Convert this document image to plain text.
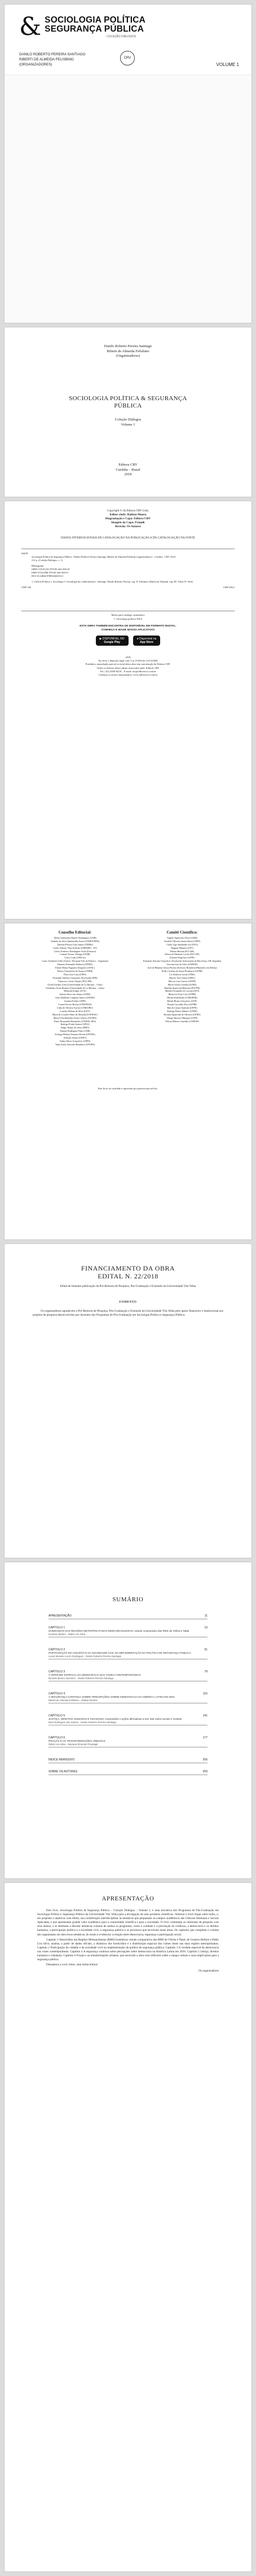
& SOCIOLOGIA POLÍTICA
SEGURANÇA PÚBLICA
COLEÇÃO DIÁLOGOS
DANILO ROBERTO PEREIRA SANTIAGO
RIBERTI DE ALMEIDA FELISBINO
(ORGANIZADORES)
CRV
VOLUME 1
Danilo Roberto Pereira Santiago
Riberti de Almeida Felisbino
(Organizadores)
SOCIOLOGIA POLÍTICA & SEGURANÇA PÚBLICA
Coleção Diálogos
Volume 1
Editora CRV
Curitiba – Brasil
2018
Copyright © da Editora CRV Ltda.
Editor-chefe: Railson Moura
Diagramação e Capa: Editora CRV
Imagem da Capa: Freepik
Revisão: Os Autores
DADOS INTERNACIONAIS DE CATALOGAÇÃO NA PUBLICAÇÃO (CIP) CATALOGAÇÃO NA FONTE
S6678
Sociologia Política & Segurança Pública / Danilo Roberto Pereira Santiago, Riberti de Almeida Felisbino (organizadores) – Curitiba : CRV, 2018.
212 p. (Coleção Diálogos, v. 1)
Bibliografia
ISBN COLEÇÃO 978-85-444-3032-8
ISBN VOLUME 978-85-444-3033-5
DOI 10.24824/978854443033.5
1. Ciência Política 2. Sociologia 3. Sociologia do conhecimento I. Santiago, Danilo Roberto Pereira. org. II. Felisbino, Riberti de Almeida. org. III. Título IV. Série.
CDD 320	CDD 306.2
Índice para catálogo sistemático
1. Sociologia política 306.2
ESTA OBRA TAMBÉM ENCONTRA-SE DISPONÍVEL EM FORMATO DIGITAL.
CONHEÇA E BAIXE NOSSO APLICATIVO!
▶ DISPONÍVEL NO
Google Play ● Disponível na
App Store
2018
Foi feito o depósito legal conf. Lei 10.994 de 14/12/2004
Proibida a reprodução parcial ou total desta obra sem autorização da Editora CRV
Todos os direitos desta edição reservados pela: Editora CRV
Tel.: (41) 3039-6418 – E-mail: sac@editoracrv.com.br
Conheça os nossos lançamentos: www.editoracrv.com.br
Conselho Editorial:
Aldira Guimarães Duarte Domínguez (UNB)
Andréia da Silva Quintanilha Sousa (UNIR/UFRN)
Antônio Pereira Gaio Júnior (UFRRJ)
Carlos Alberto Vilar Estêvão (UMINHO – PT)
Carlos Federico Dominguez Avila (Unieuro)
Carmen Tereza Velanga (UNIR)
Celso Conti (UFSCar)
Cesar Gerónimo Tello (Univer .Nacional Três de Febrero – Argentina)
Eduardo Fernandes Barbosa (UFMG)
Elione Maria Nogueira Diogenes (UFAL)
Elizeu Clementino de Souza (UNEB)
Élsio José Corá (UFFS)
Fernando Antônio Gonçalves Alcoforado (IPB)
Francisco Carlos Duarte (PUC-PR)
Gloria Fariñas León (Universidade de La Havana – Cuba)
Guillermo Arias Beatón (Universidade de La Havana – Cuba)
Helmuth Krüger (UCP)
Jailson Alves dos Santos (UFRJ)
João Adalberto Campato Junior (UNESP)
Josania Portela (UFPI)
Leonel Severo Rocha (UNISINOS)
Lídia de Oliveira Xavier (UNIEURO)
Lourdes Helena da Silva (UFV)
Maria de Lourdes Pinto de Almeida (UNOESC)
Maria Lília Imbiriba Sousa Colares (UFOPA)
Paulo Romualdo Hernandes (UNIFAL-MG)
Rodrigo Pratte-Santos (UFES)
Sérgio Nunes de Jesus (IFRO)
Simone Rodrigues Pinto (UNB)
Solange Helena Ximenes-Rocha (UFOPA)
Sydione Santos (UEPG)
Tadeu Oliver Gonçalves (UFPA)
Tania Suely Azevedo Brasileiro (UFOPA)
Comitê Científico:
Angelo Aparecido Priori (UEM)
Arnaldo Oliveira Souza Júnior (UFPI)
Carlos Ugo Santander Joo (UFG)
Dagmar Manieri (UFT)
Edison Bariani (FCLAR)
Elizeu de Miranda Corrêa (PUC/SP)
Fauston Negreiros (UFPI)
Fernando Antonio Gonçalves Alcoforado (Universitat de Barcelona, UB, Espanha)
Giovani José da Silva (UNIFAP)
José de Ribamar Sousa Pereira (Exército Brasileiro/Ministério da Defesa)
Kelly Cristina de Souza Prudencio (UFPR)
Liv Rebecca Sovik (UFRJ)
Marcio Jose Ornat (UEPG)
Marcio Luiz Carreri (UENP)
Maria Tereza Castilho (UFRJ)
Marilda Aparecida Behrens (PUCPR)
Marilia Fernandes de Lucena (UFS)
Maurício Feijó Cruz (UFPB)
Michel Kobelinski (UNESPAR)
Rafael Bruno Gonçalves (UFF)
Renata Carvalho Silva (UFPB)
Rita de Cássia Andrade (UFPE)
Rodrigo Bastos Ribeiro (UFPE)
Rosalia Aparecida de Oliveira (UFRN)
Thiago Barroso Marques (UFPI)
Wilson Ribeiro Cantidio (UNIFAP)
Este livro foi avaliado e aprovado por pareceristas ad hoc.
FINANCIAMENTO DA OBRA
EDITAL N. 22/2018
Edital de fomento publicação da Pró-Reitoria de Pesquisa, Pós-Graduação e Extensão da Universidade Vila Velha
FOMENTO
Os organizadores agradecem a Pró-Reitoria de Pesquisa, Pós-Graduação e Extensão da Universidade Vila Velha pelo apoio financeiro e institucional aos projetos de pesquisa desenvolvidos por docentes dos Programas de Pós-Graduação em Sociologia Política e Segurança Pública.
SUMÁRIO
APRESENTAÇÃO	11
CAPÍTULO 1	13
HOMICÍDIOS NAS REGIÕES METROPOLITANAS (RMS) BRASILEIRAS: estudo comparativo das RMS de Vitória e Natal
Gustavo Belloni · Pablo Lira Silva
CAPÍTULO 2	51
PARTICIPAÇÃO DO CIDADÃO E DA SOCIEDADE CIVIL NA IMPLEMENTAÇÃO DA POLÍTICA DE SEGURANÇA PÚBLICA
Lucas Moraes Lucón Rodrigues · Danilo Roberto Pereira Santiago
CAPÍTULO 3	79
A VERDADE ESPECIAL DA DEMOCRACIA NAS VOZES CONTEMPORÂNEAS
Ricardo Bianco Sanchez · Danilo Roberto Pereira Santiago
CAPÍTULO 4	115
A SEGURANÇA CONTINUA SOBRE PERCEPÇÕES SOBRE DEMOCRACIA NA AMÉRICA LATINA EM 2016
Riberti de Almeida Felisbino · Rafael Simões
CAPÍTULO 5	141
JUSTIÇA, DIREITOS HUMANOS E CIDADANIA: impressões e ações afirmativas a teor das redes sociais e revistas
Davi Rodrigues dos Santos · Danilo Roberto Pereira Santiago
CAPÍTULO 6	177
PRAÇÃO E AS TRANSFORMAÇÕES URBANAS
Pablo Lira Silva · Mariana Pimentel Prantagé
ÍNDICE REMISSIVO	205
SOBRE OS AUTORES	209
APRESENTAÇÃO

Este livro, Sociologia Política & Segurança Pública – Coleção Diálogos – Volume 1, é uma iniciativa dos Programas de Pós-Graduação em Sociologia Política e Segurança Pública da Universidade Vila Velha para a divulgação de seus produtos científicos. Sintonia e nível ímpar entre todos, e, em proposta e objetivos com efeito, sua contribuição interdisciplinar às temáticas que perpassam os campos acadêmicos das Ciências Humanas e Sociais Aplicadas, e que apresentam grande valor acadêmico para a comunidade científica e para a sociedade. O livro contempla os interesses de pesquisa com seus alunos, e se destinam a discutir temáticas comuns de ambos os programas, como o combate e a prevenção da violência, a democracia e os direitos humanos, a participação política e a sociedade civil, a segurança pública e os processos que envolvem essas áreas. Os capítulos que compõem o volume são organizados em dois eixos temáticos, de modo a evidenciar a relação entre democracia, segurança e participação social.

Capítulo 1 Homicídios nas Regiões Metropolitanas (RMS) brasileiras: estudo comparativo das RMS de Vitória e Natal, de Gustavo Belloni e Pablo Lira Silva, analisa, a partir de dados oficiais, a dinâmica dos homicídios e a distribuição espacial dos crimes letais nas duas regiões metropolitanas. Capítulo 2 Participação do cidadão e da sociedade civil na implementação da política de segurança pública. Capítulo 3 A verdade especial da democracia nas vozes contemporâneas. Capítulo 4 A segurança continua sobre percepções sobre democracia na América Latina em 2016. Capítulo 5 Justiça, direitos humanos e cidadania. Capítulo 6 Fração e as transformações urbanas, que encerram a obra com reflexões sobre o espaço urbano e suas implicações para a segurança pública.

Desejamos a você, leitor, uma ótima leitura!

Os organizadores
